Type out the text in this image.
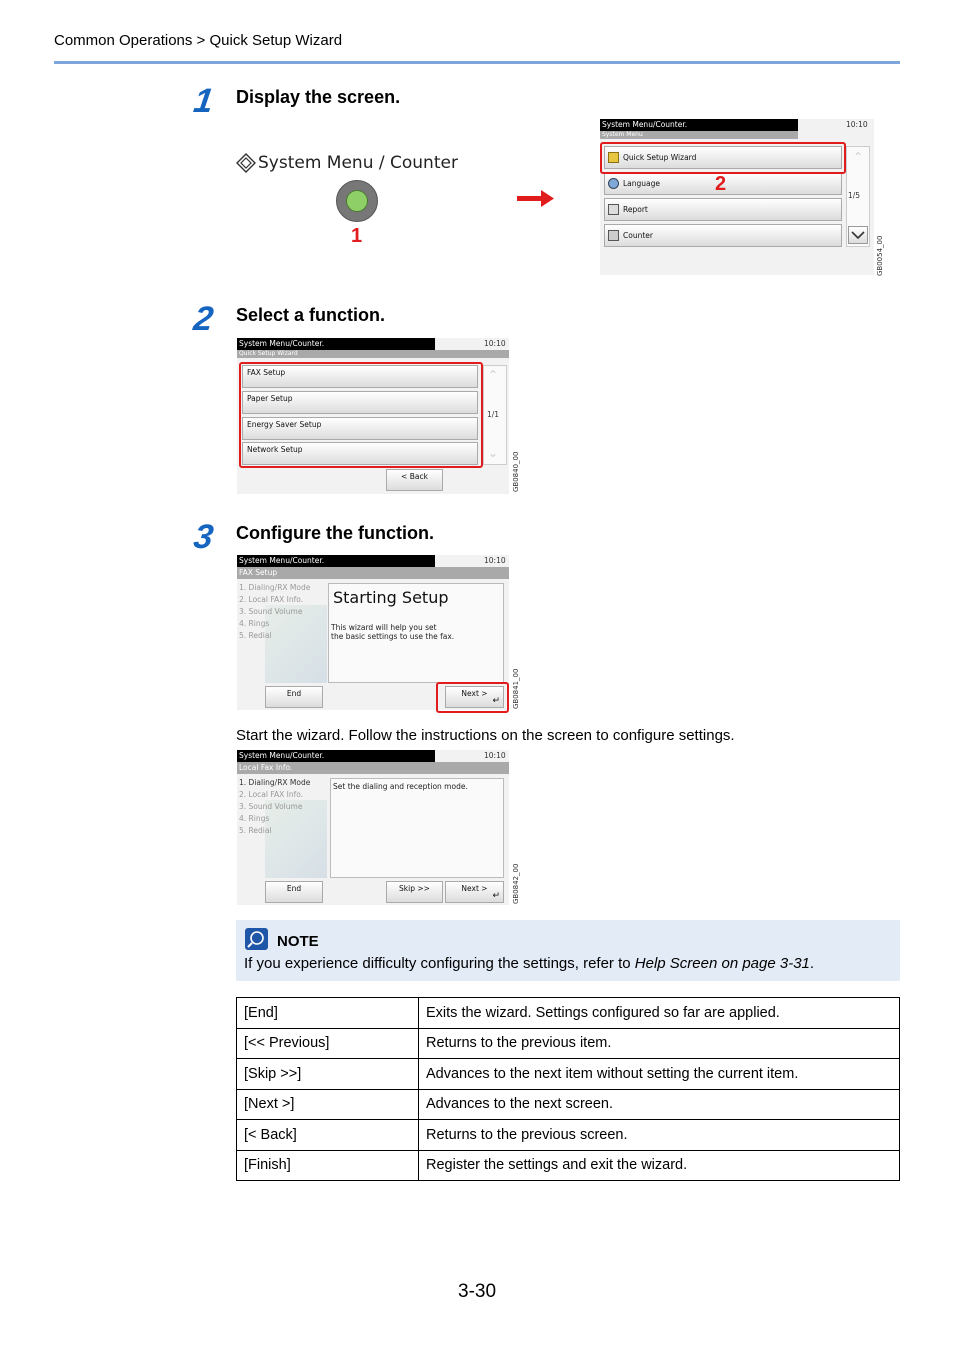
Common Operations > Quick Setup Wizard
1 Display the screen.
System Menu / Counter
1
System Menu/Counter.	10:10
System Menu
Quick Setup Wizard
Language
Report
Counter
⌃
1/5
2
GB0054_00
2 Select a function.
System Menu/Counter.	10:10
Quick Setup Wizard
FAX Setup
Paper Setup
Energy Saver Setup
Network Setup
⌃
1/1
⌄
< Back	GB0840_00
3 Configure the function.
System Menu/Counter.	10:10
FAX Setup
1. Dialing/RX Mode
2. Local FAX Info.
3. Sound Volume
4. Rings
5. Redial
Starting Setup
This wizard will help you set
the basic settings to use the fax.
End	Next >
↵ GB0841_00
Start the wizard. Follow the instructions on the screen to configure settings.
System Menu/Counter.	10:10
Local Fax Info.
1. Dialing/RX Mode
2. Local FAX Info.
3. Sound Volume
4. Rings
5. Redial
Set the dialing and reception mode.
End	Skip >>	Next >
↵ GB0842_00
NOTE
If you experience difficulty configuring the settings, refer to Help Screen on page 3-31.
[End]	Exits the wizard. Settings configured so far are applied.
[<< Previous]	Returns to the previous item.
[Skip >>]	Advances to the next item without setting the current item.
[Next >]	Advances to the next screen.
[< Back]	Returns to the previous screen.
[Finish]	Register the settings and exit the wizard.
3-30
